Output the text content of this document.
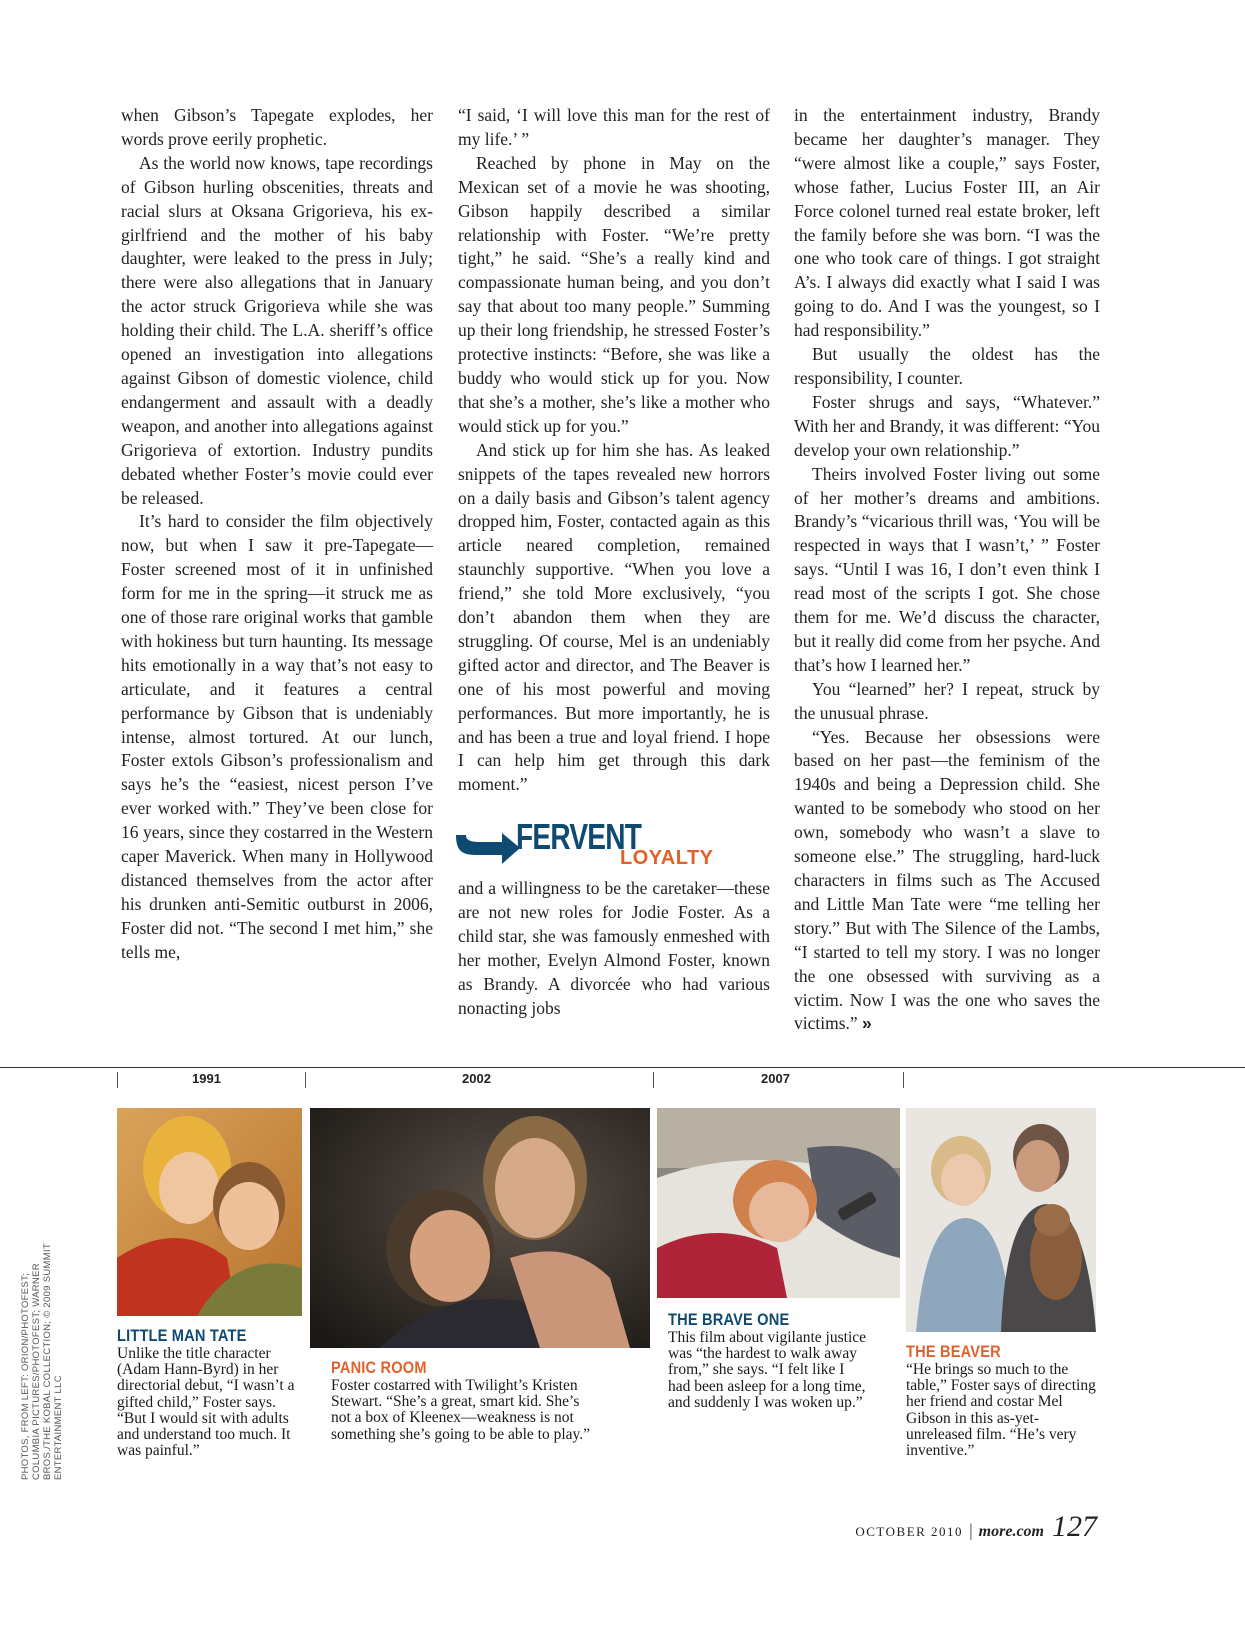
when Gibson’s Tapegate explodes, her words prove eerily prophetic.

As the world now knows, tape recordings of Gibson hurling obscenities, threats and racial slurs at Oksana Grigorieva, his ex-girlfriend and the mother of his baby daughter, were leaked to the press in July; there were also allegations that in January the actor struck Grigorieva while she was holding their child. The L.A. sheriff’s office opened an investigation into allegations against Gibson of domestic violence, child endangerment and assault with a deadly weapon, and another into allegations against Grigorieva of extortion. Industry pundits debated whether Foster’s movie could ever be released.

It’s hard to consider the film objectively now, but when I saw it pre-Tapegate—Foster screened most of it in unfinished form for me in the spring—it struck me as one of those rare original works that gamble with hokiness but turn haunting. Its message hits emotionally in a way that’s not easy to articulate, and it features a central performance by Gibson that is undeniably intense, almost tortured. At our lunch, Foster extols Gibson’s professionalism and says he’s the “easiest, nicest person I’ve ever worked with.” They’ve been close for 16 years, since they costarred in the Western caper Maverick. When many in Hollywood distanced themselves from the actor after his drunken anti-Semitic outburst in 2006, Foster did not. “The second I met him,” she tells me,

“I said, ‘I will love this man for the rest of my life.’ ”

Reached by phone in May on the Mexican set of a movie he was shooting, Gibson happily described a similar relationship with Foster. “We’re pretty tight,” he said. “She’s a really kind and compassionate human being, and you don’t say that about too many people.” Summing up their long friendship, he stressed Foster’s protective instincts: “Before, she was like a buddy who would stick up for you. Now that she’s a mother, she’s like a mother who would stick up for you.”

And stick up for him she has. As leaked snippets of the tapes revealed new horrors on a daily basis and Gibson’s talent agency dropped him, Foster, contacted again as this article neared completion, remained staunchly supportive. “When you love a friend,” she told More exclusively, “you don’t abandon them when they are struggling. Of course, Mel is an undeniably gifted actor and director, and The Beaver is one of his most powerful and moving performances. But more importantly, he is and has been a true and loyal friend. I hope I can help him get through this dark moment.”

FERVENT
LOYALTY

and a willingness to be the caretaker—these are not new roles for Jodie Foster. As a child star, she was famously enmeshed with her mother, Evelyn Almond Foster, known as Brandy. A divorcée who had various nonacting jobs

in the entertainment industry, Brandy became her daughter’s manager. They “were almost like a couple,” says Foster, whose father, Lucius Foster III, an Air Force colonel turned real estate broker, left the family before she was born. “I was the one who took care of things. I got straight A’s. I always did exactly what I said I was going to do. And I was the youngest, so I had responsibility.”

But usually the oldest has the responsibility, I counter.

Foster shrugs and says, “Whatever.” With her and Brandy, it was different: “You develop your own relationship.”

Theirs involved Foster living out some of her mother’s dreams and ambitions. Brandy’s “vicarious thrill was, ‘You will be respected in ways that I wasn’t,’ ” Foster says. “Until I was 16, I don’t even think I read most of the scripts I got. She chose them for me. We’d discuss the character, but it really did come from her psyche. And that’s how I learned her.”

You “learned” her? I repeat, struck by the unusual phrase.

“Yes. Because her obsessions were based on her past—the feminism of the 1940s and being a Depression child. She wanted to be somebody who stood on her own, somebody who wasn’t a slave to someone else.” The struggling, hard-luck characters in films such as The Accused and Little Man Tate were “me telling her story.” But with The Silence of the Lambs, “I started to tell my story. I was no longer the one obsessed with surviving as a victim. Now I was the one who saves the victims.” »

1991	2002	2007
LITTLE MAN TATE
Unlike the title character (Adam Hann-Byrd) in her directorial debut, “I wasn’t a gifted child,” Foster says. “But I would sit with adults and understand too much. It was painful.”
PANIC ROOM
Foster costarred with Twilight’s Kristen Stewart. “She’s a great, smart kid. She’s not a box of Kleenex—weakness is not something she’s going to be able to play.”
THE BRAVE ONE
This film about vigilante justice was “the hardest to walk away from,” she says. “I felt like I had been asleep for a long time, and suddenly I was woken up.”
THE BEAVER
“He brings so much to the table,” Foster says of directing her friend and costar Mel Gibson in this as-yet-unreleased film. “He’s very inventive.”
PHOTOS, FROM LEFT: ORION/PHOTOFEST; COLUMBIA PICTURES/PHOTOFEST; WARNER BROS./THE KOBAL COLLECTION; © 2009 SUMMIT ENTERTAINMENT LLC
OCTOBER 2010 | more.com 127
